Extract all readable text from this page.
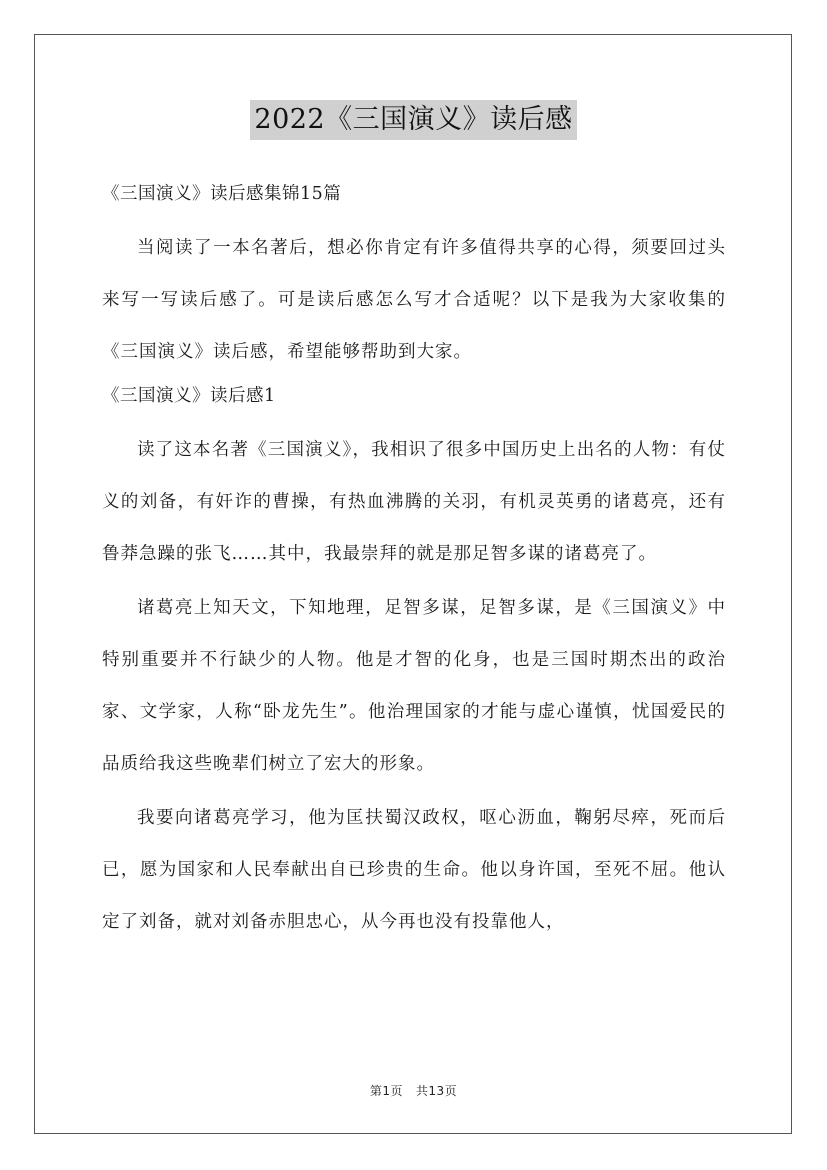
2022《三国演义》读后感

《三国演义》读后感集锦15篇

当阅读了一本名著后，想必你肯定有许多值得共享的心得，须要回过头来写一写读后感了。可是读后感怎么写才合适呢？以下是我为大家收集的《三国演义》读后感，希望能够帮助到大家。

《三国演义》读后感1

读了这本名著《三国演义》，我相识了很多中国历史上出名的人物：有仗义的刘备，有奸诈的曹操，有热血沸腾的关羽，有机灵英勇的诸葛亮，还有鲁莽急躁的张飞……其中，我最崇拜的就是那足智多谋的诸葛亮了。

诸葛亮上知天文，下知地理，足智多谋，足智多谋，是《三国演义》中特别重要并不行缺少的人物。他是才智的化身，也是三国时期杰出的政治家、文学家，人称“卧龙先生”。他治理国家的才能与虚心谨慎，忧国爱民的品质给我这些晚辈们树立了宏大的形象。

我要向诸葛亮学习，他为匡扶蜀汉政权，呕心沥血，鞠躬尽瘁，死而后已，愿为国家和人民奉献出自已珍贵的生命。他以身许国，至死不屈。他认定了刘备，就对刘备赤胆忠心，从今再也没有投靠他人，

第1页   共13页
